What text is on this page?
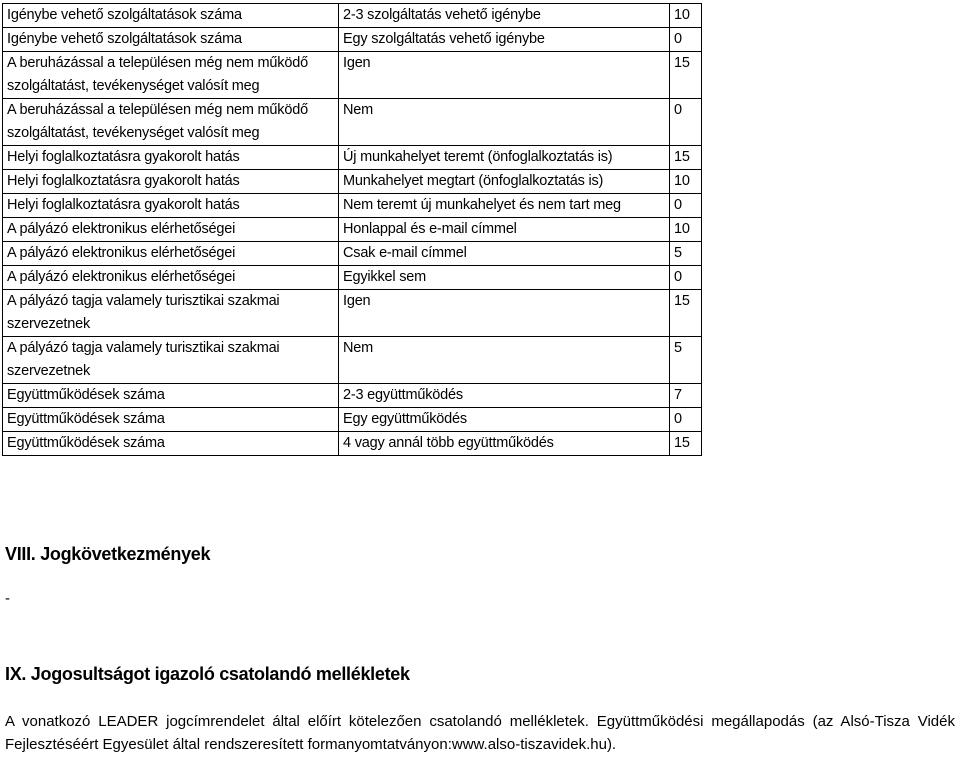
Igénybe vehető szolgáltatások száma	2-3 szolgáltatás vehető igénybe	10
Igénybe vehető szolgáltatások száma	Egy szolgáltatás vehető igénybe	0
A beruházással a településen még nem működő szolgáltatást, tevékenységet valósít meg	Igen	15
A beruházással a településen még nem működő szolgáltatást, tevékenységet valósít meg	Nem	0
Helyi foglalkoztatásra gyakorolt hatás	Új munkahelyet teremt (önfoglalkoztatás is)	15
Helyi foglalkoztatásra gyakorolt hatás	Munkahelyet megtart (önfoglalkoztatás is)	10
Helyi foglalkoztatásra gyakorolt hatás	Nem teremt új munkahelyet és nem tart meg	0
A pályázó elektronikus elérhetőségei	Honlappal és e-mail címmel	10
A pályázó elektronikus elérhetőségei	Csak e-mail címmel	5
A pályázó elektronikus elérhetőségei	Egyikkel sem	0
A pályázó tagja valamely turisztikai szakmai szervezetnek	Igen	15
A pályázó tagja valamely turisztikai szakmai szervezetnek	Nem	5
Együttműködések száma	2-3 együttműködés	7
Együttműködések száma	Egy együttműködés	0
Együttműködések száma	4 vagy annál több együttműködés	15
VIII. Jogkövetkezmények
-
IX. Jogosultságot igazoló csatolandó mellékletek

A vonatkozó LEADER jogcímrendelet által előírt kötelezően csatolandó mellékletek. Együttműködési megállapodás (az Alsó-Tisza Vidék Fejlesztéséért Egyesület által rendszeresített formanyomtatványon:www.also-tiszavidek.hu).
